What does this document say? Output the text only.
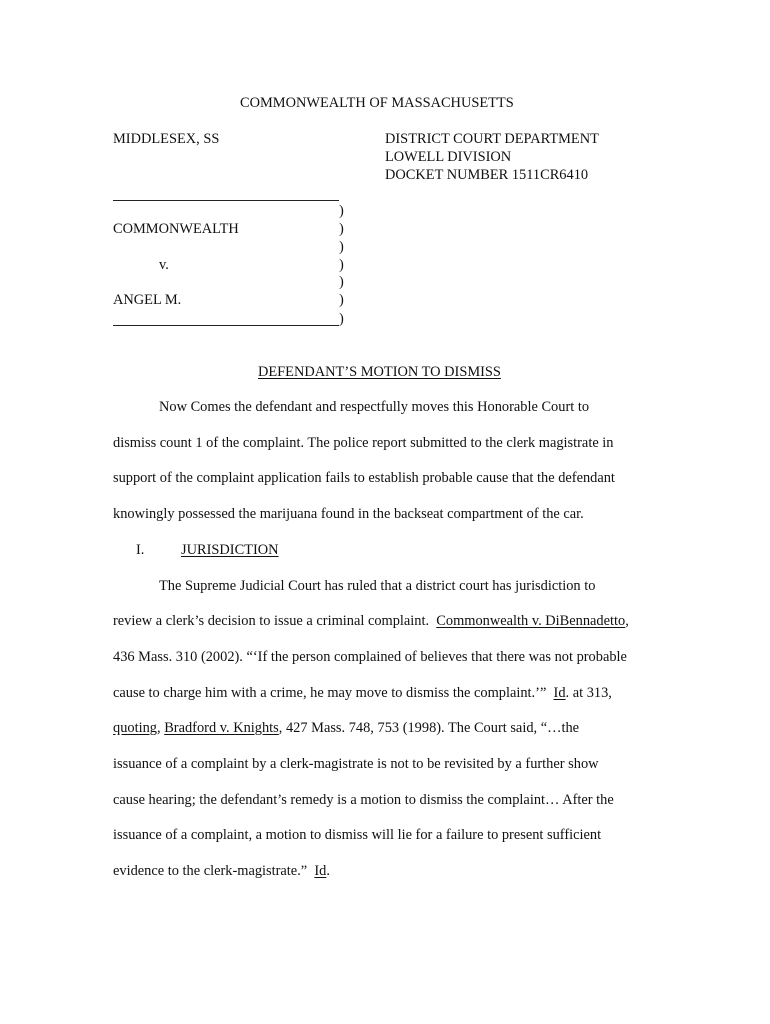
COMMONWEALTH OF MASSACHUSETTS
MIDDLESEX, SS	DISTRICT COURT DEPARTMENT
LOWELL DIVISION
DOCKET NUMBER 1511CR6410
)
COMMONWEALTH	)
)
v.	)
)
ANGEL M.	)
)
DEFENDANT’S MOTION TO DISMISS
Now Comes the defendant and respectfully moves this Honorable Court to
dismiss count 1 of the complaint. The police report submitted to the clerk magistrate in
support of the complaint application fails to establish probable cause that the defendant
knowingly possessed the marijuana found in the backseat compartment of the car.
I.	JURISDICTION
The Supreme Judicial Court has ruled that a district court has jurisdiction to
review a clerk’s decision to issue a criminal complaint.  Commonwealth v. DiBennadetto,
436 Mass. 310 (2002). “‘If the person complained of believes that there was not probable
cause to charge him with a crime, he may move to dismiss the complaint.’”  Id. at 313,
quoting, Bradford v. Knights, 427 Mass. 748, 753 (1998). The Court said, “…the
issuance of a complaint by a clerk-magistrate is not to be revisited by a further show
cause hearing; the defendant’s remedy is a motion to dismiss the complaint… After the
issuance of a complaint, a motion to dismiss will lie for a failure to present sufficient
evidence to the clerk-magistrate.”  Id.
